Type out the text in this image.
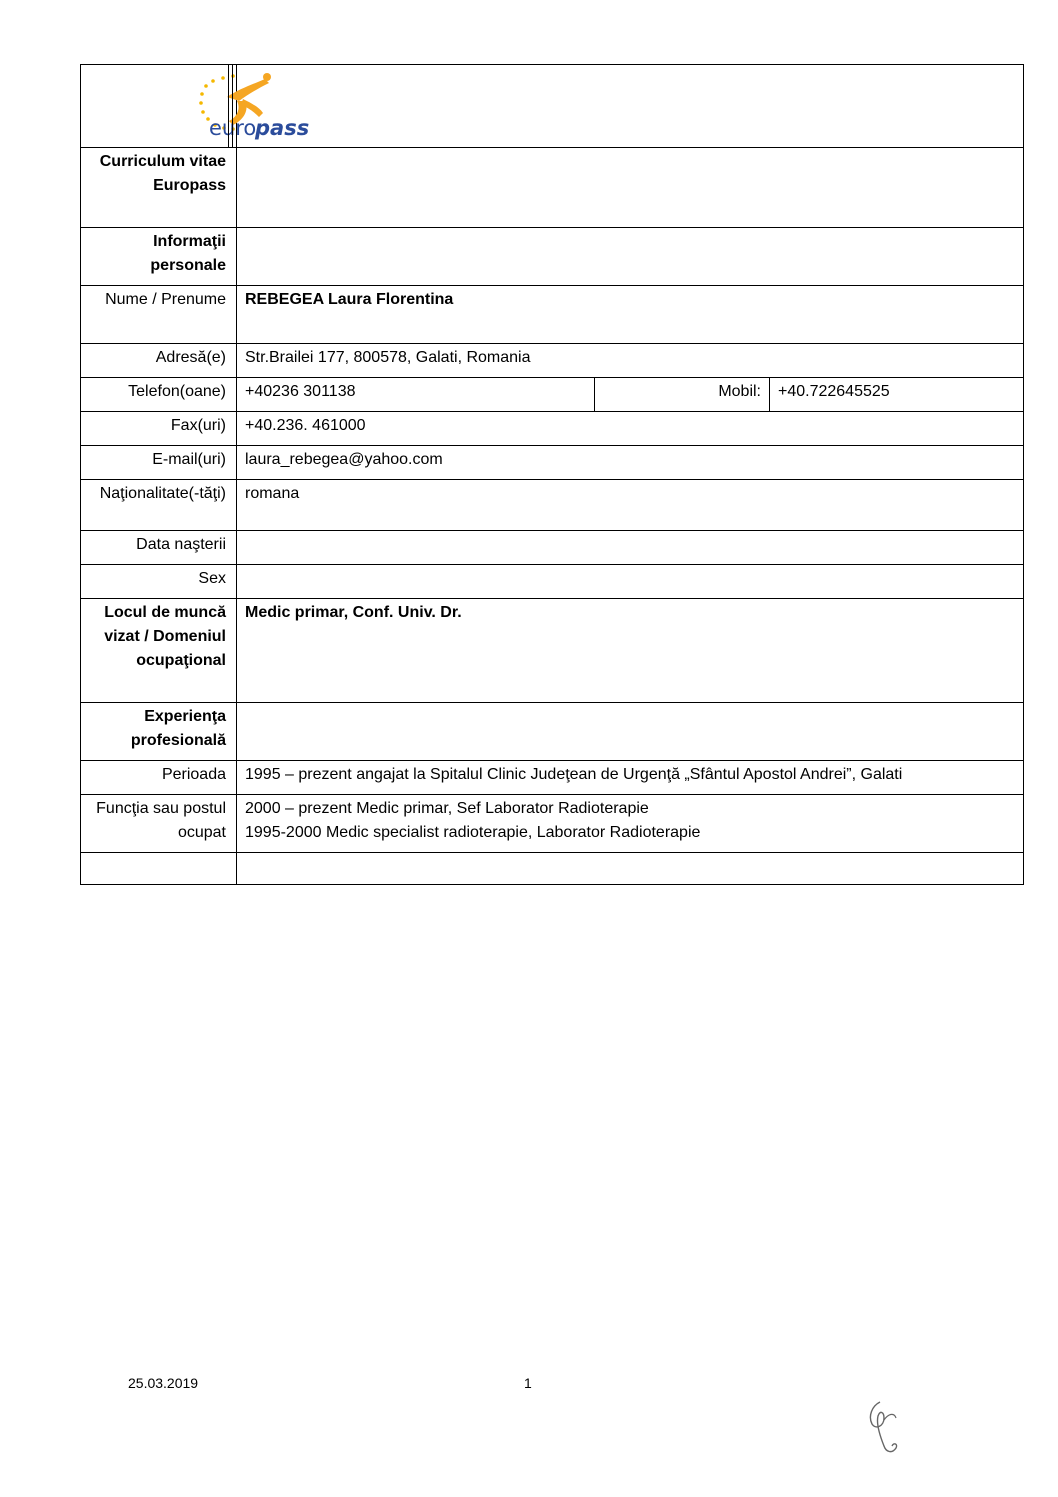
euro
pass			

Curriculum vitae Europass			
Informaţii personale			
Nume / Prenume	REBEGEA Laura Florentina		
Adresă(e)	Str.Brailei 177, 800578, Galati, Romania		
Telefon(oane)	+40236 301138	Mobil:	+40.722645525
Fax(uri)	+40.236. 461000		
E-mail(uri)	laura_rebegea@yahoo.com		
Naţionalitate(-tăţi)	romana		
Data naşterii			
Sex			
Locul de muncă vizat / Domeniul ocupaţional	Medic primar, Conf. Univ. Dr.		
Experienţa profesională			
Perioada	1995 – prezent angajat la Spitalul Clinic Judeţean de Urgenţă „Sfântul Apostol Andrei”, Galati		
Funcţia sau postul ocupat	2000 – prezent Medic primar, Sef Laborator Radioterapie
1995-2000 Medic specialist radioterapie, Laborator Radioterapie		

25.03.2019	1
